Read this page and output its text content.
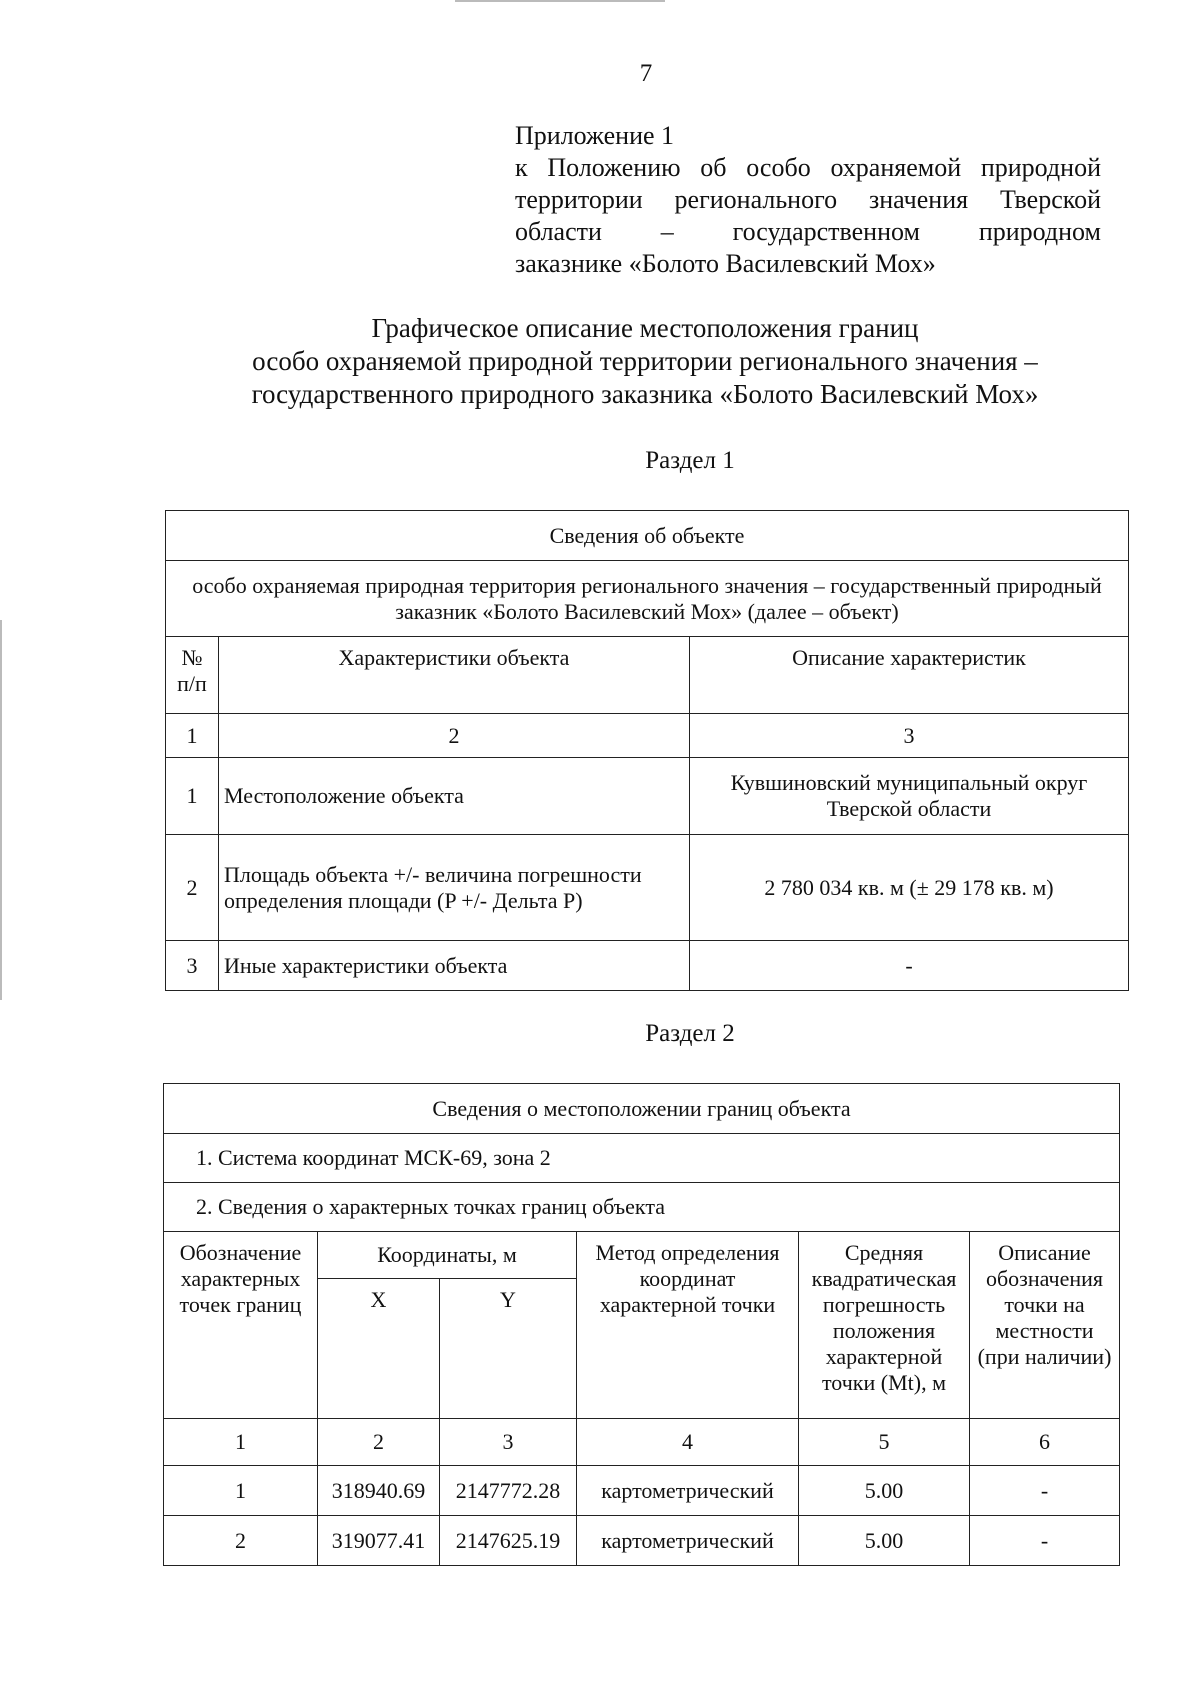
7
Приложение 1
к Положению об особо охраняемой природной
территории регионального значения Тверской
области – государственном природном
заказнике «Болото Василевский Мох»
Графическое описание местоположения границ
особо охраняемой природной территории регионального значения –
государственного природного заказника «Болото Василевский Мох»
Раздел 1
Сведения об объекте		
особо охраняемая природная территория регионального значения – государственный природный заказник «Болото Василевский Мох» (далее – объект)		
№ п/п	Характеристики объекта	Описание характеристик
1	2	3
1	Местоположение объекта	Кувшиновский муниципальный округ Тверской области
2	Площадь объекта +/- величина погрешности определения площади (P +/- Дельта P)	2 780 034 кв. м (± 29 178 кв. м)
3	Иные характеристики объекта	-
Раздел 2
Сведения о местоположении границ объекта					
1. Система координат МСК-69, зона 2					
2. Сведения о характерных точках границ объекта					
Обозначение характерных точек границ	Координаты, м		Метод определения координат характерной точки	Средняя квадратическая погрешность положения характерной точки (Mt), м	Описание обозначения точки на местности (при наличии)
	X	Y			
1	2	3	4	5	6
1	318940.69	2147772.28	картометрический	5.00	-
2	319077.41	2147625.19	картометрический	5.00	-
